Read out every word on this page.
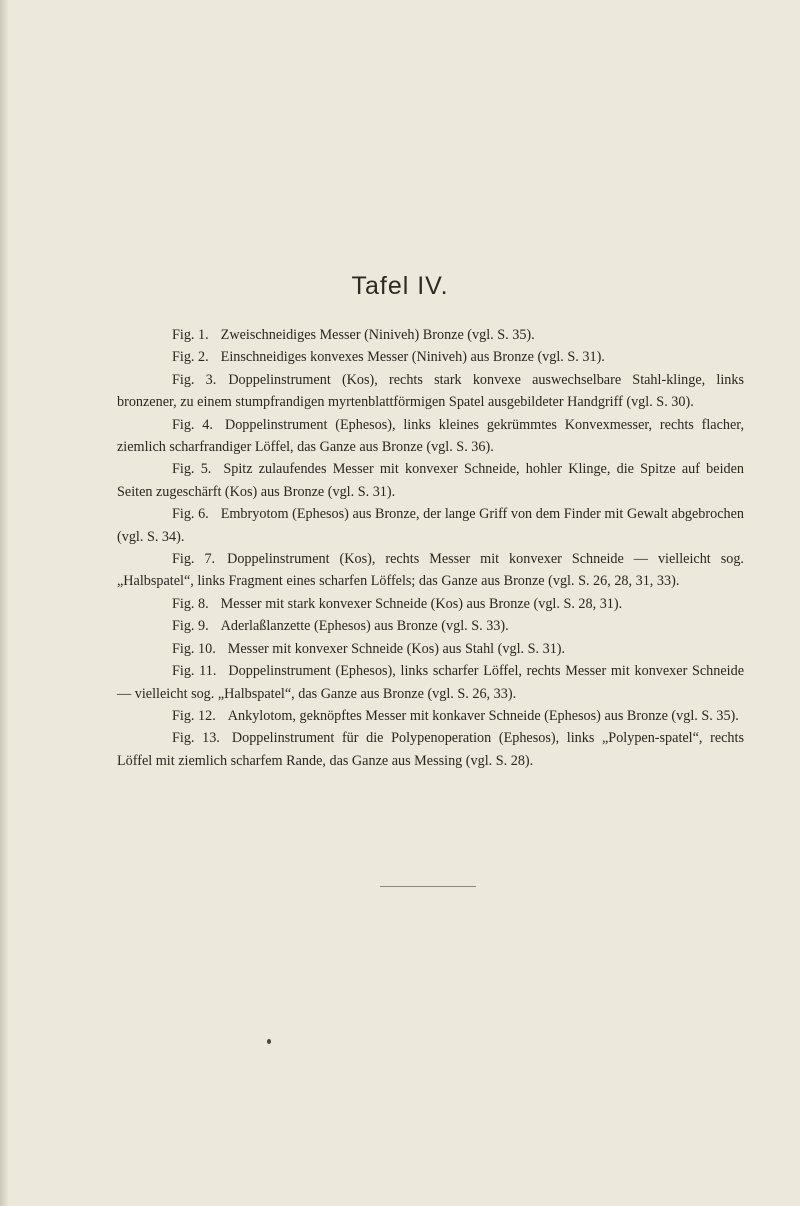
Tafel IV.

Fig. 1. Zweischneidiges Messer (Niniveh) Bronze (vgl. S. 35).

Fig. 2. Einschneidiges konvexes Messer (Niniveh) aus Bronze (vgl. S. 31).

Fig. 3. Doppelinstrument (Kos), rechts stark konvexe auswechselbare Stahl-klinge, links bronzener, zu einem stumpfrandigen myrtenblattförmigen Spatel ausgebildeter Handgriff (vgl. S. 30).

Fig. 4. Doppelinstrument (Ephesos), links kleines gekrümmtes Konvexmesser, rechts flacher, ziemlich scharfrandiger Löffel, das Ganze aus Bronze (vgl. S. 36).

Fig. 5. Spitz zulaufendes Messer mit konvexer Schneide, hohler Klinge, die Spitze auf beiden Seiten zugeschärft (Kos) aus Bronze (vgl. S. 31).

Fig. 6. Embryotom (Ephesos) aus Bronze, der lange Griff von dem Finder mit Gewalt abgebrochen (vgl. S. 34).

Fig. 7. Doppelinstrument (Kos), rechts Messer mit konvexer Schneide — vielleicht sog. „Halbspatel“, links Fragment eines scharfen Löffels; das Ganze aus Bronze (vgl. S. 26, 28, 31, 33).

Fig. 8. Messer mit stark konvexer Schneide (Kos) aus Bronze (vgl. S. 28, 31).

Fig. 9. Aderlaßlanzette (Ephesos) aus Bronze (vgl. S. 33).

Fig. 10. Messer mit konvexer Schneide (Kos) aus Stahl (vgl. S. 31).

Fig. 11. Doppelinstrument (Ephesos), links scharfer Löffel, rechts Messer mit konvexer Schneide — vielleicht sog. „Halbspatel“, das Ganze aus Bronze (vgl. S. 26, 33).

Fig. 12. Ankylotom, geknöpftes Messer mit konkaver Schneide (Ephesos) aus Bronze (vgl. S. 35).

Fig. 13. Doppelinstrument für die Polypenoperation (Ephesos), links „Polypen-spatel“, rechts Löffel mit ziemlich scharfem Rande, das Ganze aus Messing (vgl. S. 28).
